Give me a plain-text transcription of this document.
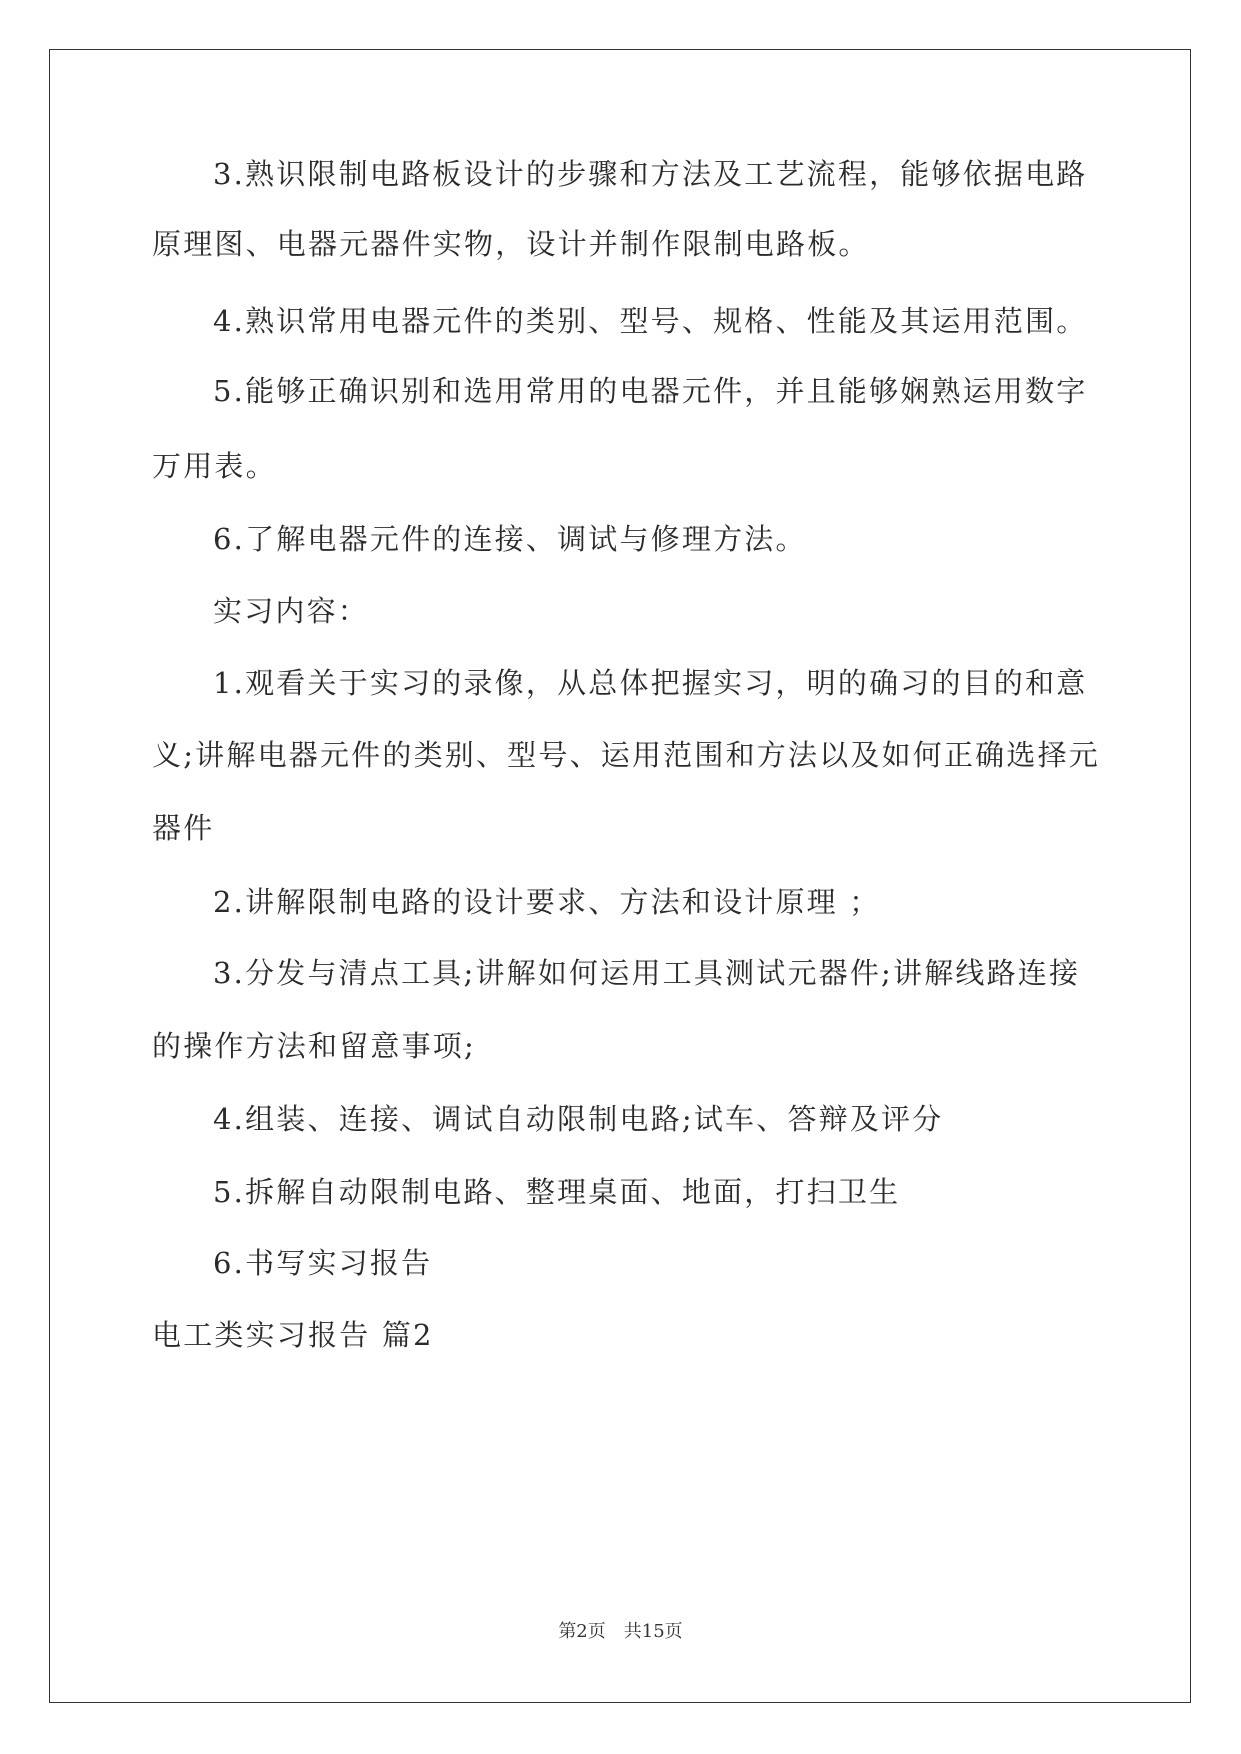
3.熟识限制电路板设计的步骤和方法及工艺流程，能够依据电路

原理图、电器元器件实物，设计并制作限制电路板。

4.熟识常用电器元件的类别、型号、规格、性能及其运用范围。

5.能够正确识别和选用常用的电器元件，并且能够娴熟运用数字

万用表。

6.了解电器元件的连接、调试与修理方法。

实习内容：

1.观看关于实习的录像，从总体把握实习，明的确习的目的和意

义;讲解电器元件的类别、型号、运用范围和方法以及如何正确选择元

器件

2.讲解限制电路的设计要求、方法和设计原理 ；

3.分发与清点工具;讲解如何运用工具测试元器件;讲解线路连接

的操作方法和留意事项;

4.组装、连接、调试自动限制电路;试车、答辩及评分

5.拆解自动限制电路、整理桌面、地面，打扫卫生

6.书写实习报告

电工类实习报告 篇2

第2页 共15页
